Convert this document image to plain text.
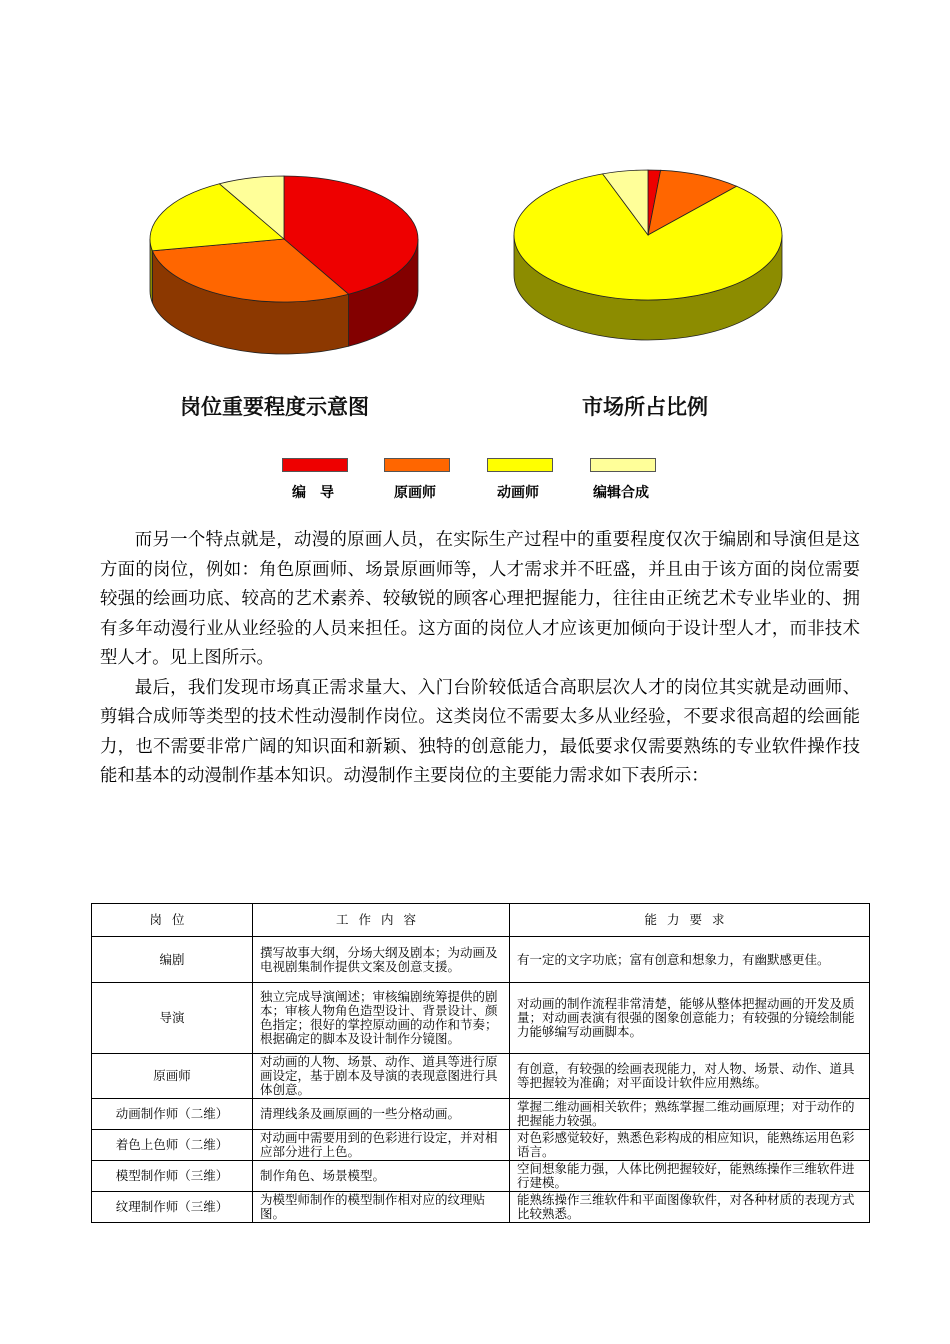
岗位重要程度示意图	市场所占比例
编　导	原画师	动画师	编辑合成

而另一个特点就是，动漫的原画人员，在实际生产过程中的重要程度仅次于编剧和导演但是这方面的岗位，例如：角色原画师、场景原画师等，人才需求并不旺盛，并且由于该方面的岗位需要较强的绘画功底、较高的艺术素养、较敏锐的顾客心理把握能力，往往由正统艺术专业毕业的、拥有多年动漫行业从业经验的人员来担任。这方面的岗位人才应该更加倾向于设计型人才，而非技术型人才。见上图所示。

最后，我们发现市场真正需求量大、入门台阶较低适合高职层次人才的岗位其实就是动画师、剪辑合成师等类型的技术性动漫制作岗位。这类岗位不需要太多从业经验，不要求很高超的绘画能力，也不需要非常广阔的知识面和新颖、独特的创意能力，最低要求仅需要熟练的专业软件操作技能和基本的动漫制作基本知识。动漫制作主要岗位的主要能力需求如下表所示：

岗位	工作内容	能力要求
编剧	撰写故事大纲，分场大纲及剧本；为动画及电视剧集制作提供文案及创意支援。	有一定的文字功底；富有创意和想象力，有幽默感更佳。
导演	独立完成导演阐述；审核编剧统筹提供的剧本；审核人物角色造型设计、背景设计、颜色指定；很好的掌控原动画的动作和节奏；根据确定的脚本及设计制作分镜图。	对动画的制作流程非常清楚，能够从整体把握动画的开发及质量；对动画表演有很强的图象创意能力；有较强的分镜绘制能力能够编写动画脚本。
原画师	对动画的人物、场景、动作、道具等进行原画设定，基于剧本及导演的表现意图进行具体创意。	有创意，有较强的绘画表现能力，对人物、场景、动作、道具等把握较为准确；对平面设计软件应用熟练。
动画制作师（二维）	清理线条及画原画的一些分格动画。	掌握二维动画相关软件；熟练掌握二维动画原理；对于动作的把握能力较强。
着色上色师（二维）	对动画中需要用到的色彩进行设定，并对相应部分进行上色。	对色彩感觉较好，熟悉色彩构成的相应知识，能熟练运用色彩语言。
模型制作师（三维）	制作角色、场景模型。	空间想象能力强，人体比例把握较好，能熟练操作三维软件进行建模。
纹理制作师（三维）	为模型师制作的模型制作相对应的纹理贴图。	能熟练操作三维软件和平面图像软件，对各种材质的表现方式比较熟悉。
